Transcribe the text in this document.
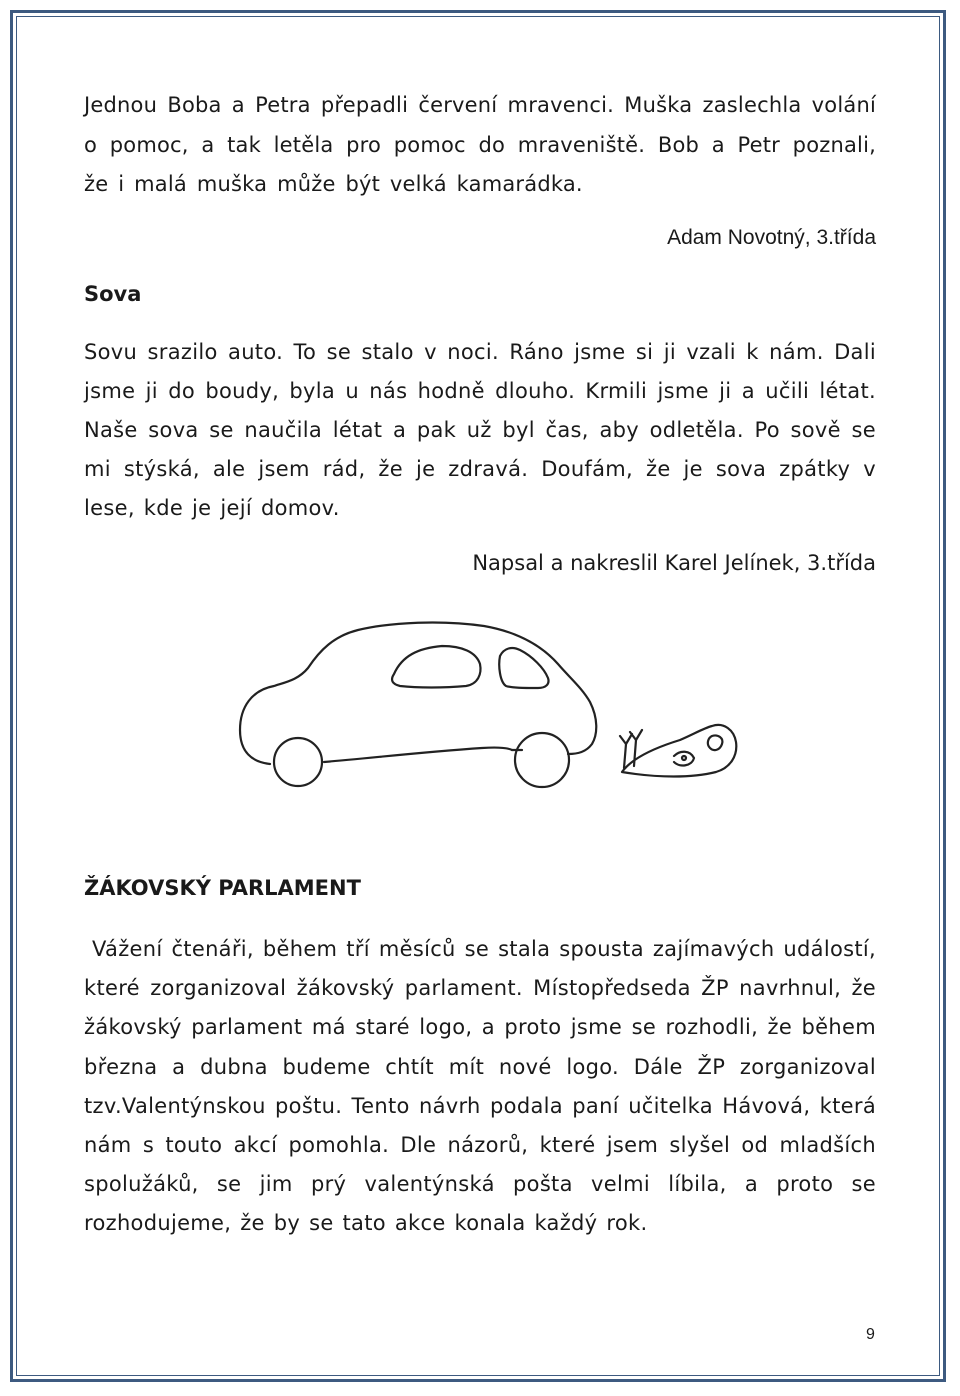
Jednou Boba a Petra přepadli červení mravenci. Muška zaslechla volání o pomoc, a tak letěla pro pomoc do mraveniště. Bob a Petr poznali, že i malá muška může být velká kamarádka.

Adam Novotný, 3.třída

Sova

Sovu srazilo auto. To se stalo v noci. Ráno jsme si ji vzali k nám. Dali jsme ji do boudy, byla u nás hodně dlouho. Krmili jsme ji a učili létat. Naše sova se naučila létat a pak už byl čas, aby odletěla. Po sově se mi stýská, ale jsem rád, že je zdravá. Doufám, že je sova zpátky v lese, kde je její domov.

Napsal a nakreslil Karel Jelínek, 3.třída

ŽÁKOVSKÝ PARLAMENT

Vážení čtenáři, během tří měsíců se stala spousta zajímavých událostí, které zorganizoval žákovský parlament. Místopředseda ŽP navrhnul, že žákovský parlament má staré logo, a proto jsme se rozhodli, že během března a dubna budeme chtít mít nové logo. Dále ŽP zorganizoval tzv.Valentýnskou poštu. Tento návrh podala paní učitelka Hávová, která nám s touto akcí pomohla. Dle názorů, které jsem slyšel od mladších spolužáků, se jim prý valentýnská pošta velmi líbila, a proto se rozhodujeme, že by se tato akce konala každý rok.

9
